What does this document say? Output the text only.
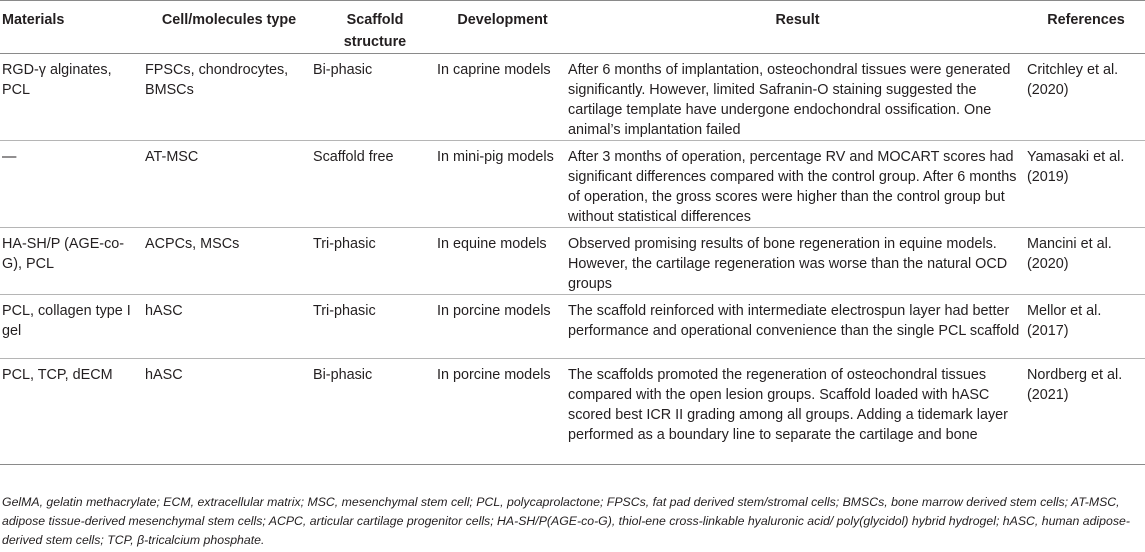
Materials	Cell/molecules type	Scaffold structure	Development	Result	References
RGD-γ alginates, PCL	FPSCs, chondrocytes, BMSCs	Bi-phasic	In caprine models	After 6 months of implantation, osteochondral tissues were generated significantly. However, limited Safranin-O staining suggested the cartilage template have undergone endochondral ossification. One animal’s implantation failed	Critchley et al. (2020)
—	AT-MSC	Scaffold free	In mini-pig models	After 3 months of operation, percentage RV and MOCART scores had significant differences compared with the control group. After 6 months of operation, the gross scores were higher than the control group but without statistical differences	Yamasaki et al. (2019)
HA-SH/P (AGE-co-G), PCL	ACPCs, MSCs	Tri-phasic	In equine models	Observed promising results of bone regeneration in equine models. However, the cartilage regeneration was worse than the natural OCD groups	Mancini et al. (2020)
PCL, collagen type I gel	hASC	Tri-phasic	In porcine models	The scaffold reinforced with intermediate electrospun layer had better performance and operational convenience than the single PCL scaffold	Mellor et al. (2017)
PCL, TCP, dECM	hASC	Bi-phasic	In porcine models	The scaffolds promoted the regeneration of osteochondral tissues compared with the open lesion groups. Scaffold loaded with hASC scored best ICR II grading among all groups. Adding a tidemark layer performed as a boundary line to separate the cartilage and bone	Nordberg et al. (2021)

GelMA, gelatin methacrylate; ECM, extracellular matrix; MSC, mesenchymal stem cell; PCL, polycaprolactone; FPSCs, fat pad derived stem/stromal cells; BMSCs, bone marrow derived stem cells; AT-MSC, adipose tissue-derived mesenchymal stem cells; ACPC, articular cartilage progenitor cells; HA-SH/P(AGE-co-G), thiol-ene cross-linkable hyaluronic acid/ poly(glycidol) hybrid hydrogel; hASC, human adipose-derived stem cells; TCP, β-tricalcium phosphate.
